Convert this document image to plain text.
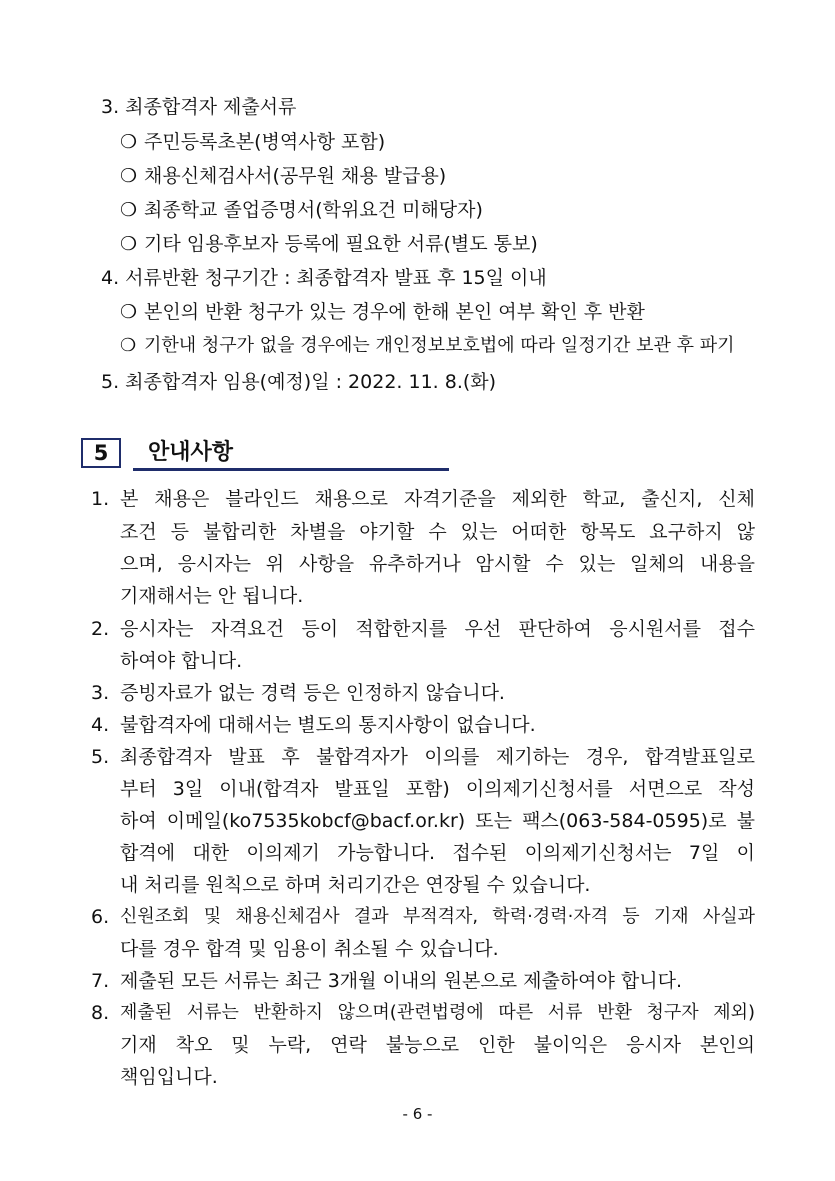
3. 최종합격자 제출서류
❍ 주민등록초본(병역사항 포함)
❍ 채용신체검사서(공무원 채용 발급용)
❍ 최종학교 졸업증명서(학위요건 미해당자)
❍ 기타 임용후보자 등록에 필요한 서류(별도 통보)
4. 서류반환 청구기간 : 최종합격자 발표 후 15일 이내
❍ 본인의 반환 청구가 있는 경우에 한해 본인 여부 확인 후 반환
❍ 기한내 청구가 없을 경우에는 개인정보보호법에 따라 일정기간 보관 후 파기
5. 최종합격자 임용(예정)일 : 2022. 11. 8.(화)
5	안내사항
1. 본 채용은 블라인드 채용으로 자격기준을 제외한 학교, 출신지, 신체
조건 등 불합리한 차별을 야기할 수 있는 어떠한 항목도 요구하지 않
으며, 응시자는 위 사항을 유추하거나 암시할 수 있는 일체의 내용을
기재해서는 안 됩니다.
2. 응시자는 자격요건 등이 적합한지를 우선 판단하여 응시원서를 접수
하여야 합니다.
3. 증빙자료가 없는 경력 등은 인정하지 않습니다.
4. 불합격자에 대해서는 별도의 통지사항이 없습니다.
5. 최종합격자 발표 후 불합격자가 이의를 제기하는 경우, 합격발표일로
부터 3일 이내(합격자 발표일 포함) 이의제기신청서를 서면으로 작성
하여 이메일(ko7535kobcf@bacf.or.kr) 또는 팩스(063-584-0595)로 불
합격에 대한 이의제기 가능합니다. 접수된 이의제기신청서는 7일 이
내 처리를 원칙으로 하며 처리기간은 연장될 수 있습니다.
6. 신원조회 및 채용신체검사 결과 부적격자, 학력·경력·자격 등 기재 사실과
다를 경우 합격 및 임용이 취소될 수 있습니다.
7. 제출된 모든 서류는 최근 3개월 이내의 원본으로 제출하여야 합니다.
8. 제출된 서류는 반환하지 않으며(관련법령에 따른 서류 반환 청구자 제외)
기재 착오 및 누락, 연락 불능으로 인한 불이익은 응시자 본인의
책임입니다.
- 6 -
